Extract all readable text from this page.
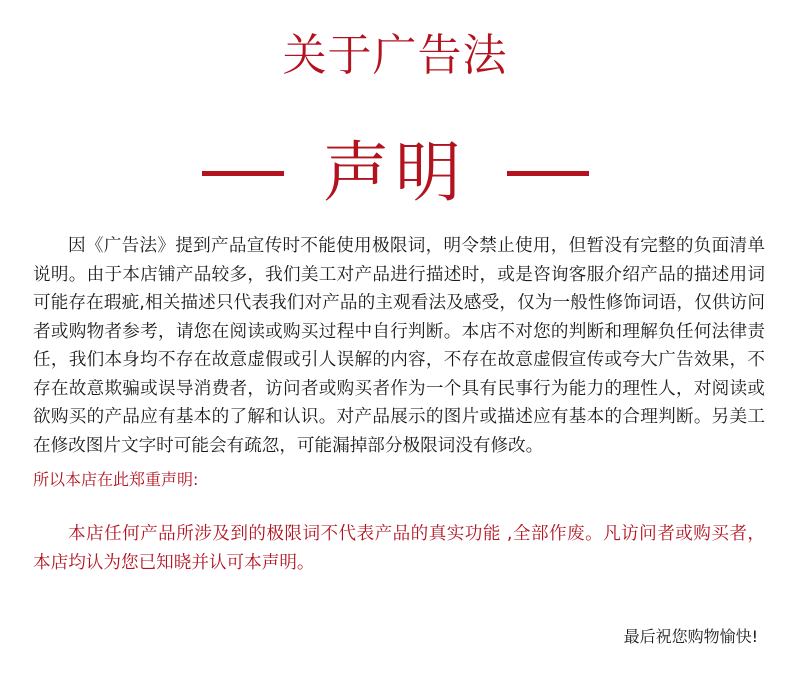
关于广告法
声明

因《广告法》提到产品宣传时不能使用极限词，明令禁止使用，但暂没有完整的负面清单说明。由于本店铺产品较多，我们美工对产品进行描述时，或是咨询客服介绍产品的描述用词可能存在瑕疵,相关描述只代表我们对产品的主观看法及感受，仅为一般性修饰词语，仅供访问者或购物者参考，请您在阅读或购买过程中自行判断。本店不对您的判断和理解负任何法律责任，我们本身均不存在故意虚假或引人误解的内容，不存在故意虚假宣传或夸大广告效果，不存在故意欺骗或误导消费者，访问者或购买者作为一个具有民事行为能力的理性人，对阅读或欲购买的产品应有基本的了解和认识。对产品展示的图片或描述应有基本的合理判断。另美工在修改图片文字时可能会有疏忽，可能漏掉部分极限词没有修改。

所以本店在此郑重声明:

本店任何产品所涉及到的极限词不代表产品的真实功能 ,全部作废。凡访问者或购买者，本店均认为您已知晓并认可本声明。

最后祝您购物愉快!
